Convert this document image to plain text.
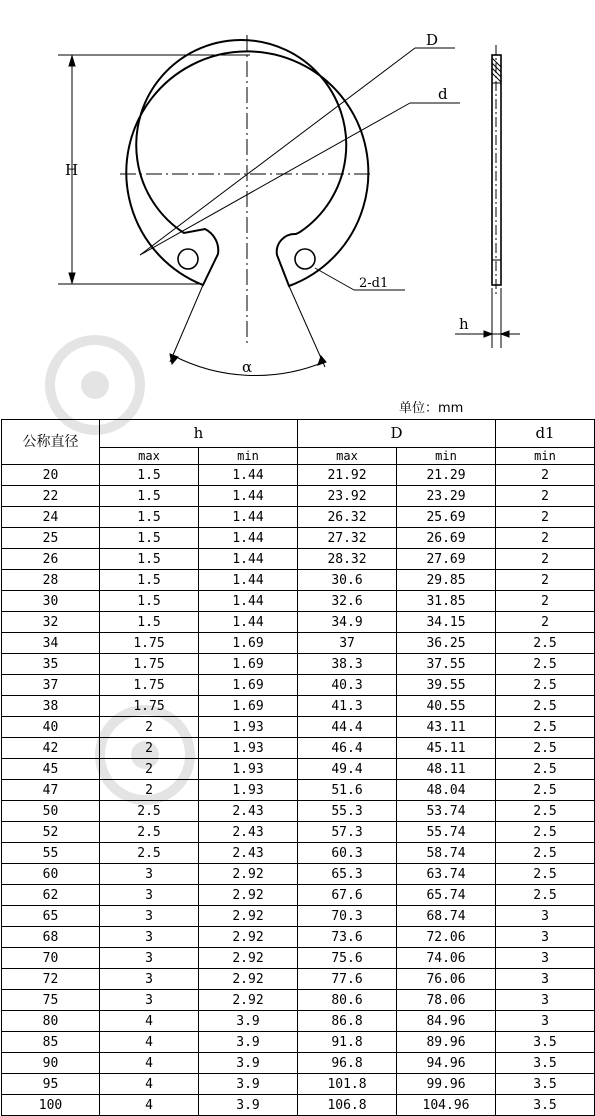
D
d
H
2-d1
h
α
单位：mm
公称直径	h		D		d1
	max	min	max	min	min
20	1.5	1.44	21.92	21.29	2
22	1.5	1.44	23.92	23.29	2
24	1.5	1.44	26.32	25.69	2
25	1.5	1.44	27.32	26.69	2
26	1.5	1.44	28.32	27.69	2
28	1.5	1.44	30.6	29.85	2
30	1.5	1.44	32.6	31.85	2
32	1.5	1.44	34.9	34.15	2
34	1.75	1.69	37	36.25	2.5
35	1.75	1.69	38.3	37.55	2.5
37	1.75	1.69	40.3	39.55	2.5
38	1.75	1.69	41.3	40.55	2.5
40	2	1.93	44.4	43.11	2.5
42	2	1.93	46.4	45.11	2.5
45	2	1.93	49.4	48.11	2.5
47	2	1.93	51.6	48.04	2.5
50	2.5	2.43	55.3	53.74	2.5
52	2.5	2.43	57.3	55.74	2.5
55	2.5	2.43	60.3	58.74	2.5
60	3	2.92	65.3	63.74	2.5
62	3	2.92	67.6	65.74	2.5
65	3	2.92	70.3	68.74	3
68	3	2.92	73.6	72.06	3
70	3	2.92	75.6	74.06	3
72	3	2.92	77.6	76.06	3
75	3	2.92	80.6	78.06	3
80	4	3.9	86.8	84.96	3
85	4	3.9	91.8	89.96	3.5
90	4	3.9	96.8	94.96	3.5
95	4	3.9	101.8	99.96	3.5
100	4	3.9	106.8	104.96	3.5
